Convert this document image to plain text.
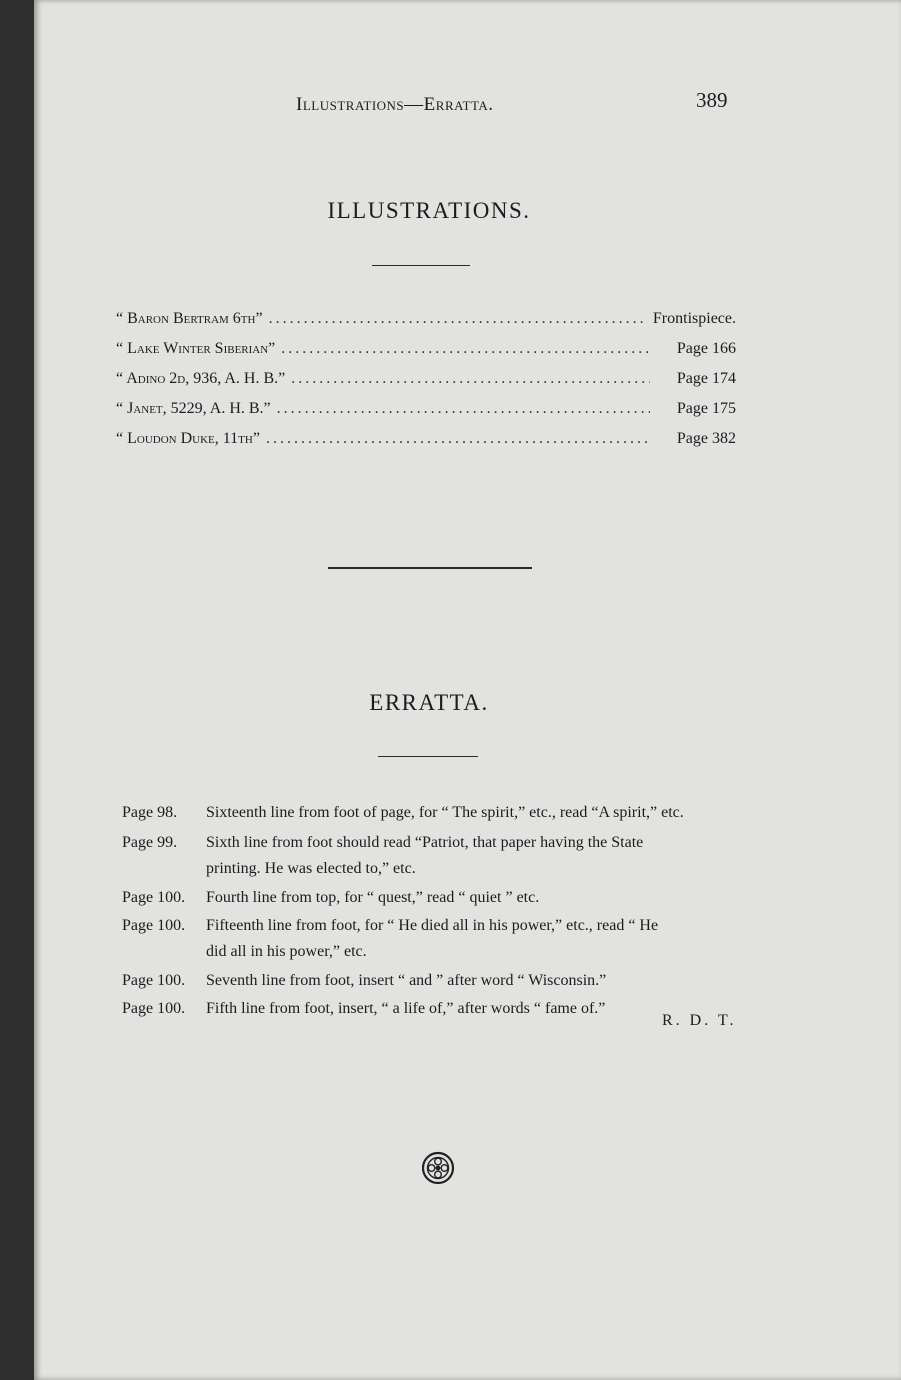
Illustrations—Erratta.	389
ILLUSTRATIONS.
“ Baron Bertram 6th” .....	Frontispiece.
“ Lake Winter Siberian” .....	Page 166
“ Adino 2d, 936, A. H. B.” .....	Page 174
“ Janet, 5229, A. H. B.” .....	Page 175
“ Loudon Duke, 11th” .....	Page 382
ERRATTA.
Page 98. Sixteenth line from foot of page, for “ The spirit,” etc., read “A spirit,” etc.
Page 99. Sixth line from foot should read “Patriot, that paper having the State
printing. He was elected to,” etc.
Page 100. Fourth line from top, for “ quest,” read “ quiet ” etc.
Page 100. Fifteenth line from foot, for “ He died all in his power,” etc., read “ He
did all in his power,” etc.
Page 100. Seventh line from foot, insert “ and ” after word “ Wisconsin.”
Page 100. Fifth line from foot, insert, “ a life of,” after words “ fame of.”
R. D. T.
